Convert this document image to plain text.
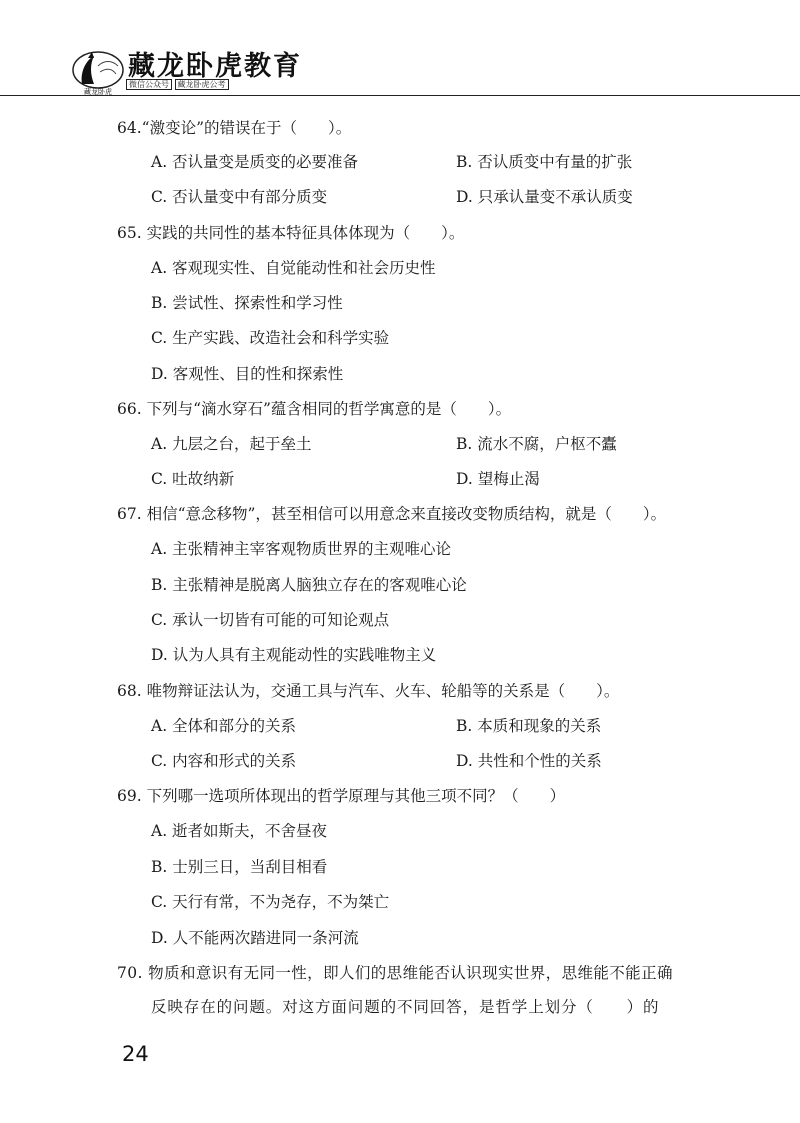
藏龙卧虎
藏龙卧虎教育
微信公众号 藏龙卧虎公考
64.“激变论”的错误在于（　　）。
A. 否认量变是质变的必要准备	B. 否认质变中有量的扩张
C. 否认量变中有部分质变	D. 只承认量变不承认质变
65. 实践的共同性的基本特征具体体现为（　　）。
A. 客观现实性、自觉能动性和社会历史性
B. 尝试性、探索性和学习性
C. 生产实践、改造社会和科学实验
D. 客观性、目的性和探索性
66. 下列与“滴水穿石”蕴含相同的哲学寓意的是（　　）。
A. 九层之台，起于垒土	B. 流水不腐，户枢不蠹
C. 吐故纳新	D. 望梅止渴
67. 相信“意念移物”，甚至相信可以用意念来直接改变物质结构，就是（　　）。
A. 主张精神主宰客观物质世界的主观唯心论
B. 主张精神是脱离人脑独立存在的客观唯心论
C. 承认一切皆有可能的可知论观点
D. 认为人具有主观能动性的实践唯物主义
68. 唯物辩证法认为，交通工具与汽车、火车、轮船等的关系是（　　）。
A. 全体和部分的关系	B. 本质和现象的关系
C. 内容和形式的关系	D. 共性和个性的关系
69. 下列哪一选项所体现出的哲学原理与其他三项不同？（　　）
A. 逝者如斯夫，不舍昼夜
B. 士别三日，当刮目相看
C. 天行有常，不为尧存，不为桀亡
D. 人不能两次踏进同一条河流
70. 物质和意识有无同一性，即人们的思维能否认识现实世界，思维能不能正确
反映存在的问题。对这方面问题的不同回答，是哲学上划分（　　）的
24
